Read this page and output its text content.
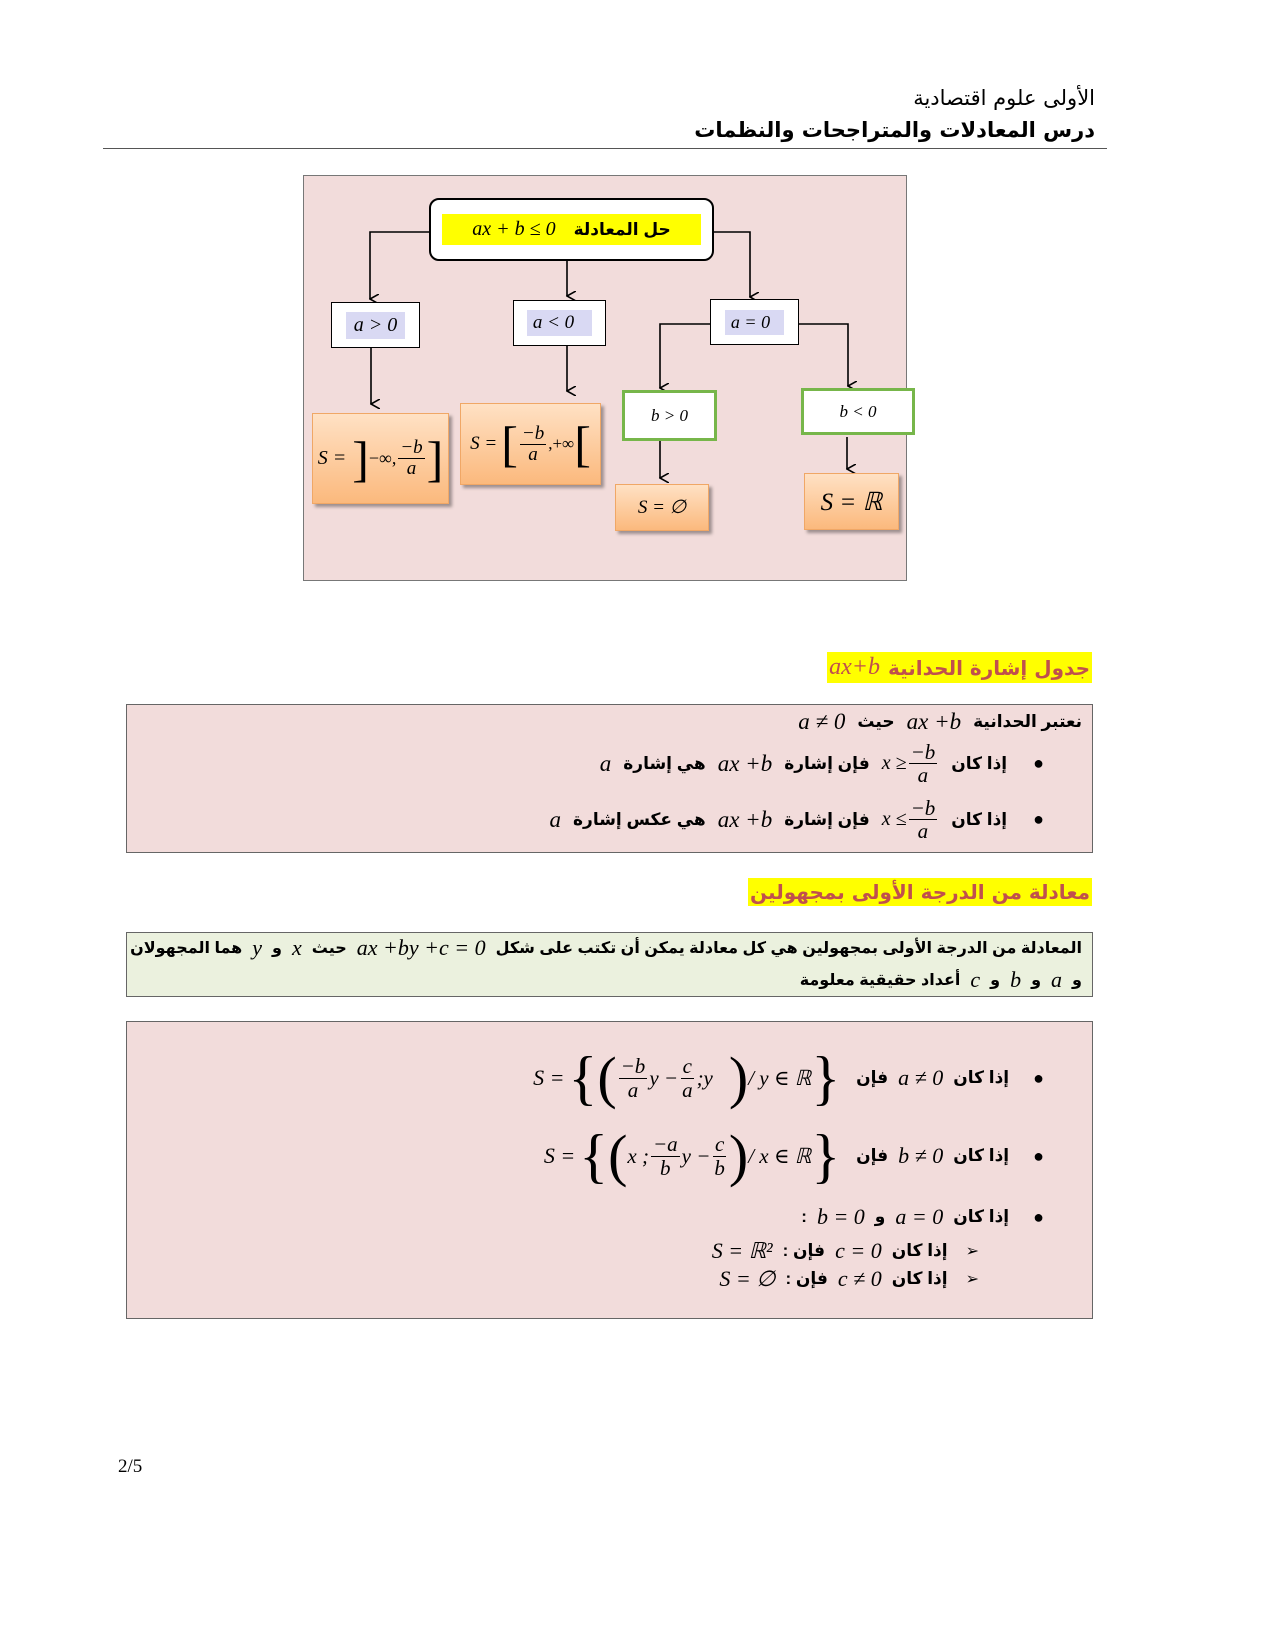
الأولى علوم اقتصادية
درس المعادلات والمتراجحات والنظمات
حل المعادلة
ax + b ≤ 0
a > 0	a < 0	a = 0
b > 0	b < 0
S = ] −∞, $\frac{-b}{a}$ ] S = [ $\frac{-b}{a}$ ,+∞ [
S = ∅	S = ℝ
جدول إشارة الحدانية
ax+b
نعتبر الحدانية
ax +b
حيث
a ≠ 0
●
إذا كان
$x \ge \frac{-b}{a}$
فإن إشارة
ax +b
هي إشارة
a
●
إذا كان
$x \le \frac{-b}{a}$
فإن إشارة
ax +b
هي عكس إشارة
a
معادلة من الدرجة الأولى بمجهولين
المعادلة من الدرجة الأولى بمجهولين هي كل معادلة يمكن أن تكتب على شكل
ax +by +c = 0
حيث
x
و
y
هما المجهولان
و
a
و
b
و
c
أعداد حقيقية معلومة
●
إذا كان
a ≠ 0
فإن
S = { ( $\frac{-b}{a}$ $y - \frac{c}{a}$ ;y ) / y ∈ ℝ }
●
إذا كان
b ≠ 0
فإن
S = { ( x ; $\frac{-a}{b}$ $y - \frac{c}{b}$ ) / x ∈ ℝ }
●
إذا كان
a = 0
و
b = 0
:
➢
إذا كان
c = 0
فإن :
S = ℝ²
➢
إذا كان
c ≠ 0
فإن :
S = ∅
2/5
